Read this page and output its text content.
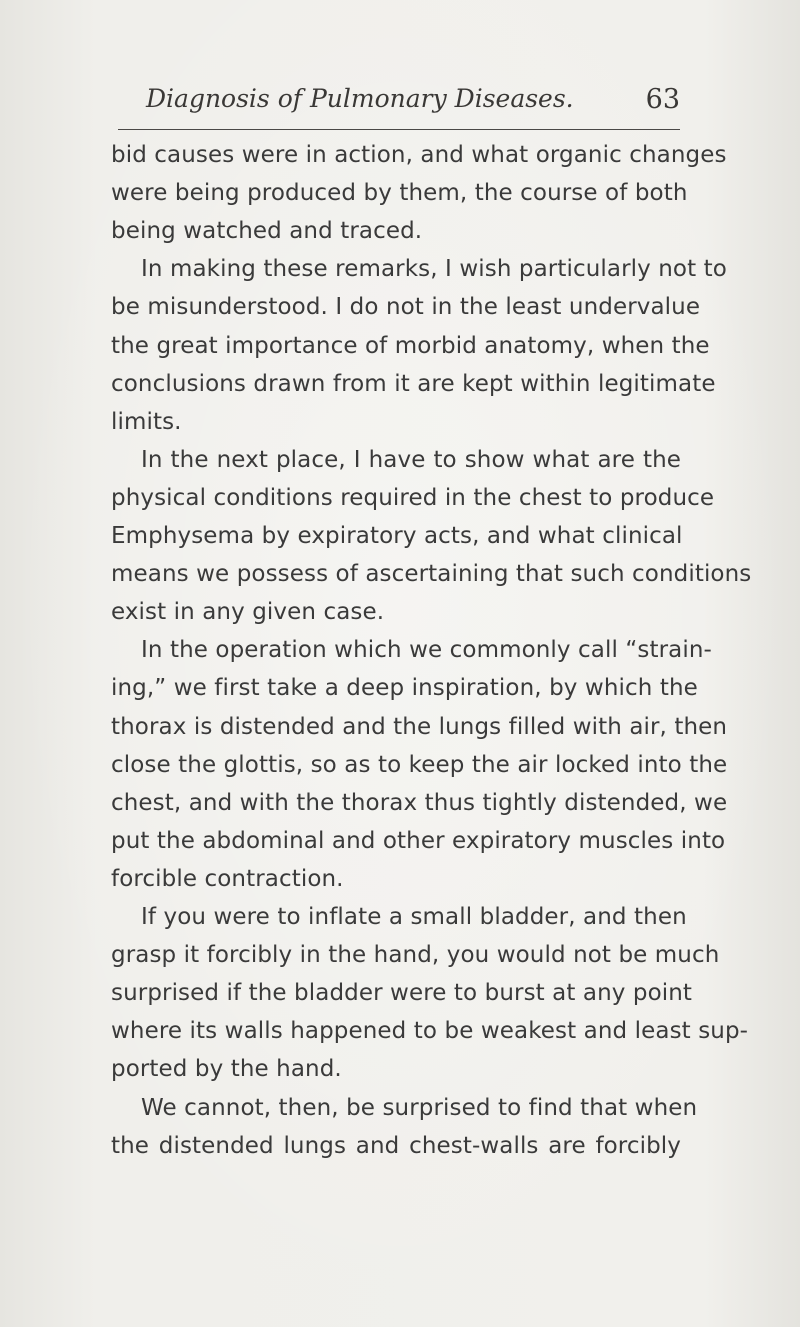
Diagnosis of Pulmonary Diseases.	63
bid causes were in action, and what organic changes
were being produced by them, the course of both
being watched and traced.
In making these remarks, I wish particularly not to
be misunderstood. I do not in the least undervalue
the great importance of morbid anatomy, when the
conclusions drawn from it are kept within legitimate
limits.
In the next place, I have to show what are the
physical conditions required in the chest to produce
Emphysema by expiratory acts, and what clinical
means we possess of ascertaining that such conditions
exist in any given case.
In the operation which we commonly call “strain-
ing,” we first take a deep inspiration, by which the
thorax is distended and the lungs filled with air, then
close the glottis, so as to keep the air locked into the
chest, and with the thorax thus tightly distended, we
put the abdominal and other expiratory muscles into
forcible contraction.
If you were to inflate a small bladder, and then
grasp it forcibly in the hand, you would not be much
surprised if the bladder were to burst at any point
where its walls happened to be weakest and least sup-
ported by the hand.
We cannot, then, be surprised to find that when
the distended lungs and chest-walls are forcibly
